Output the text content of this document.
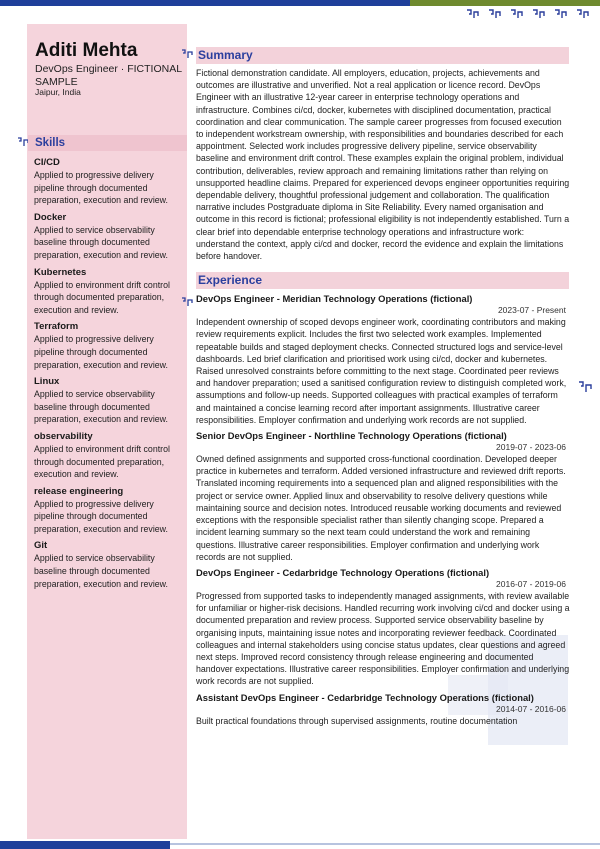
Aditi Mehta
DevOps Engineer · FICTIONAL SAMPLE
Jaipur, India
Skills
CI/CD
Applied to progressive delivery pipeline through documented preparation, execution and review.
Docker
Applied to service observability baseline through documented preparation, execution and review.
Kubernetes
Applied to environment drift control through documented preparation, execution and review.
Terraform
Applied to progressive delivery pipeline through documented preparation, execution and review.
Linux
Applied to service observability baseline through documented preparation, execution and review.
observability
Applied to environment drift control through documented preparation, execution and review.
release engineering
Applied to progressive delivery pipeline through documented preparation, execution and review.
Git
Applied to service observability baseline through documented preparation, execution and review.
Summary
Fictional demonstration candidate. All employers, education, projects, achievements and outcomes are illustrative and unverified. Not a real application or licence record. DevOps Engineer with an illustrative 12-year career in enterprise technology operations and infrastructure. Combines ci/cd, docker, kubernetes with disciplined documentation, practical coordination and clear communication. The sample career progresses from focused execution to independent workstream ownership, with responsibilities and boundaries described for each appointment. Selected work includes progressive delivery pipeline, service observability baseline and environment drift control. These examples explain the original problem, individual contribution, deliverables, review approach and remaining limitations rather than relying on unsupported headline claims. Prepared for experienced devops engineer opportunities requiring dependable delivery, thoughtful professional judgement and collaboration. The qualification narrative includes Postgraduate diploma in Site Reliability. Every named organisation and outcome in this record is fictional; professional eligibility is not independently established. Turn a clear brief into dependable enterprise technology operations and infrastructure work: understand the context, apply ci/cd and docker, record the evidence and explain the limitations before handover.
Experience
DevOps Engineer - Meridian Technology Operations (fictional)
2023-07 - Present
Independent ownership of scoped devops engineer work, coordinating contributors and making review requirements explicit. Includes the first two selected work examples. Implemented repeatable builds and staged deployment checks. Connected structured logs and service-level dashboards. Led brief clarification and prioritised work using ci/cd, docker and kubernetes. Raised unresolved constraints before committing to the next stage. Coordinated peer reviews and handover preparation; used a sanitised configuration review to distinguish completed work, assumptions and follow-up needs. Supported colleagues with practical examples of terraform and maintained a concise learning record after important assignments. Illustrative career responsibilities. Employer confirmation and underlying work records are not supplied.
Senior DevOps Engineer - Northline Technology Operations (fictional)
2019-07 - 2023-06
Owned defined assignments and supported cross-functional coordination. Developed deeper practice in kubernetes and terraform. Added versioned infrastructure and reviewed drift reports. Translated incoming requirements into a sequenced plan and aligned responsibilities with the project or service owner. Applied linux and observability to resolve delivery questions while maintaining source and decision notes. Introduced reusable working documents and reviewed exceptions with the responsible specialist rather than silently changing scope. Prepared a incident learning summary so the next team could understand the work and remaining questions. Illustrative career responsibilities. Employer confirmation and underlying work records are not supplied.
DevOps Engineer - Cedarbridge Technology Operations (fictional)
2016-07 - 2019-06
Progressed from supported tasks to independently managed assignments, with review available for unfamiliar or higher-risk decisions. Handled recurring work involving ci/cd and docker using a documented preparation and review process. Supported service observability baseline by organising inputs, maintaining issue notes and incorporating reviewer feedback. Coordinated colleagues and internal stakeholders using concise status updates, clear questions and agreed next steps. Improved record consistency through release engineering and documented handover expectations. Illustrative career responsibilities. Employer confirmation and underlying work records are not supplied.
Assistant DevOps Engineer - Cedarbridge Technology Operations (fictional)
2014-07 - 2016-06
Built practical foundations through supervised assignments, routine documentation
